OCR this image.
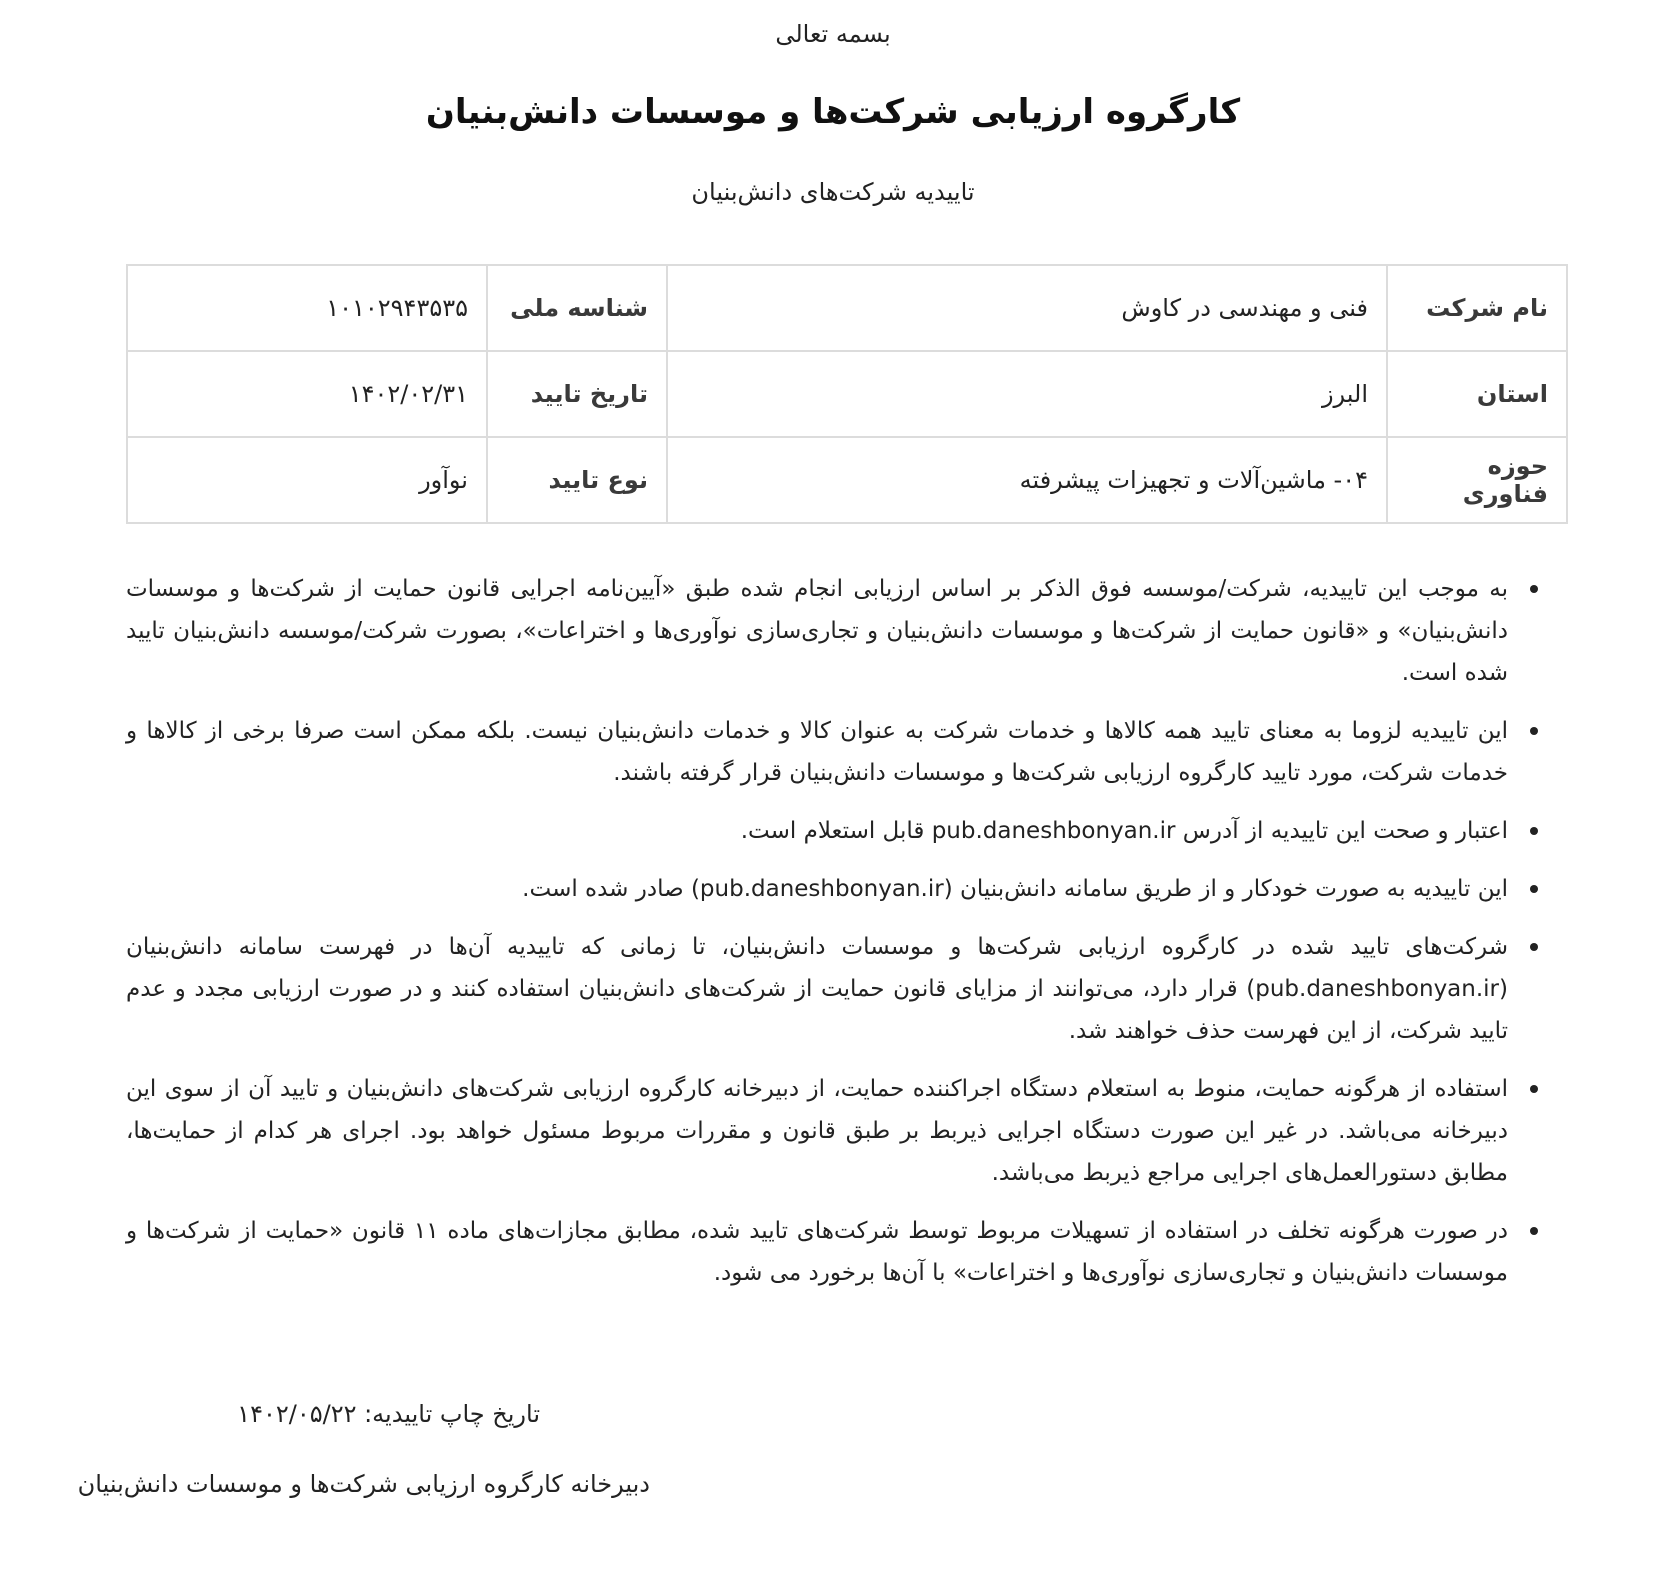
بسمه تعالی
کارگروه ارزیابی شرکت‌ها و موسسات دانش‌بنیان
تاییدیه شرکت‌های دانش‌بنیان
نام شرکت	فنی و مهندسی در کاوش	شناسه ملی	۱۰۱۰۲۹۴۳۵۳۵
استان	البرز	تاریخ تایید	۱۴۰۲/۰۲/۳۱
حوزه فناوری	۰۴- ماشین‌آلات و تجهیزات پیشرفته	نوع تایید	نوآور
به موجب این تاییدیه، شرکت/موسسه فوق الذکر بر اساس ارزیابی انجام شده طبق «آیین‌نامه اجرایی قانون حمایت از شرکت‌ها و موسسات دانش‌بنیان» و «قانون حمایت از شرکت‌ها و موسسات دانش‌بنیان و تجاری‌سازی نوآوری‌ها و اختراعات»، بصورت شرکت/موسسه دانش‌بنیان تایید شده است.
این تاییدیه لزوما به معنای تایید همه کالاها و خدمات شرکت به عنوان کالا و خدمات دانش‌بنیان نیست. بلکه ممکن است صرفا برخی از کالاها و خدمات شرکت، مورد تایید کارگروه ارزیابی شرکت‌ها و موسسات دانش‌بنیان قرار گرفته باشند.
اعتبار و صحت این تاییدیه از آدرس pub.daneshbonyan.ir قابل استعلام است.
این تاییدیه به صورت خودکار و از طریق سامانه دانش‌بنیان (pub.daneshbonyan.ir) صادر شده است.
شرکت‌های تایید شده در کارگروه ارزیابی شرکت‌ها و موسسات دانش‌بنیان، تا زمانی که تاییدیه آن‌ها در فهرست سامانه دانش‌بنیان (pub.daneshbonyan.ir) قرار دارد، می‌توانند از مزایای قانون حمایت از شرکت‌های دانش‌بنیان استفاده کنند و در صورت ارزیابی مجدد و عدم تایید شرکت، از این فهرست حذف خواهند شد.
استفاده از هرگونه حمایت، منوط به استعلام دستگاه اجراکننده حمایت، از دبیرخانه کارگروه ارزیابی شرکت‌های دانش‌بنیان و تایید آن از سوی این دبیرخانه می‌باشد. در غیر این صورت دستگاه اجرایی ذیربط بر طبق قانون و مقررات مربوط مسئول خواهد بود. اجرای هر کدام از حمایت‌ها، مطابق دستورالعمل‌های اجرایی مراجع ذیربط می‌باشد.
در صورت هرگونه تخلف در استفاده از تسهیلات مربوط توسط شرکت‌های تایید شده، مطابق مجازات‌های ماده ۱۱ قانون «حمایت از شرکت‌ها و موسسات دانش‌بنیان و تجاری‌سازی نوآوری‌ها و اختراعات» با آن‌ها برخورد می شود.
تاریخ چاپ تاییدیه: ۱۴۰۲/۰۵/۲۲
دبیرخانه کارگروه ارزیابی شرکت‌ها و موسسات دانش‌بنیان
